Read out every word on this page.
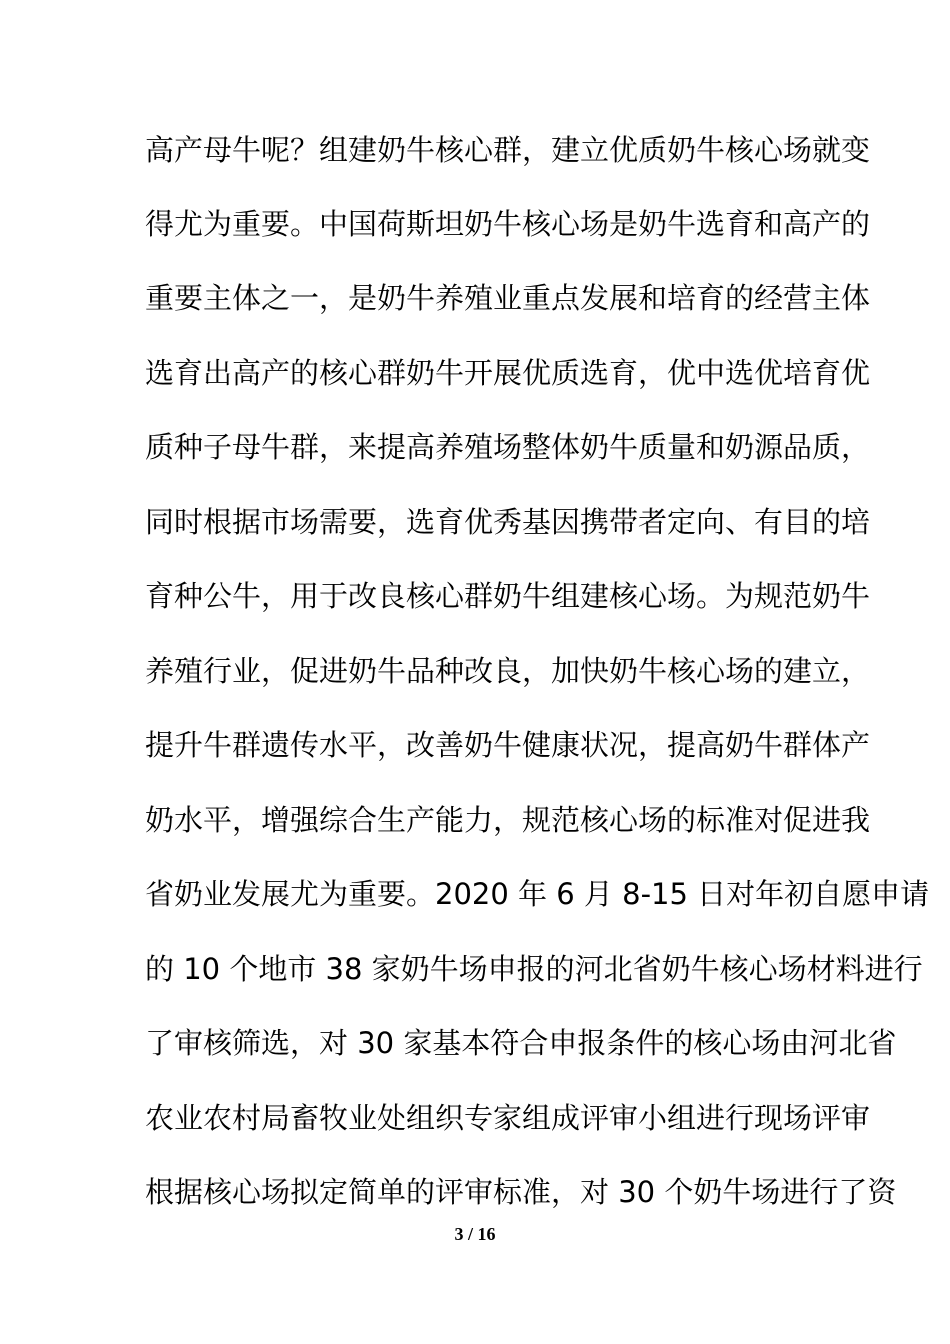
高产母牛呢？组建奶牛核心群，建立优质奶牛核心场就变
得尤为重要。中国荷斯坦奶牛核心场是奶牛选育和高产的
重要主体之一，是奶牛养殖业重点发展和培育的经营主体
选育出高产的核心群奶牛开展优质选育，优中选优培育优
质种子母牛群，来提高养殖场整体奶牛质量和奶源品质，
同时根据市场需要，选育优秀基因携带者定向、有目的培
育种公牛，用于改良核心群奶牛组建核心场。为规范奶牛
养殖行业，促进奶牛品种改良，加快奶牛核心场的建立，
提升牛群遗传水平，改善奶牛健康状况，提高奶牛群体产
奶水平，增强综合生产能力，规范核心场的标准对促进我
省奶业发展尤为重要。2020 年 6 月 8-15 日对年初自愿申请
的 10 个地市 38 家奶牛场申报的河北省奶牛核心场材料进行
了审核筛选，对 30 家基本符合申报条件的核心场由河北省
农业农村局畜牧业处组织专家组成评审小组进行现场评审
根据核心场拟定简单的评审标准，对 30 个奶牛场进行了资
3 / 16
